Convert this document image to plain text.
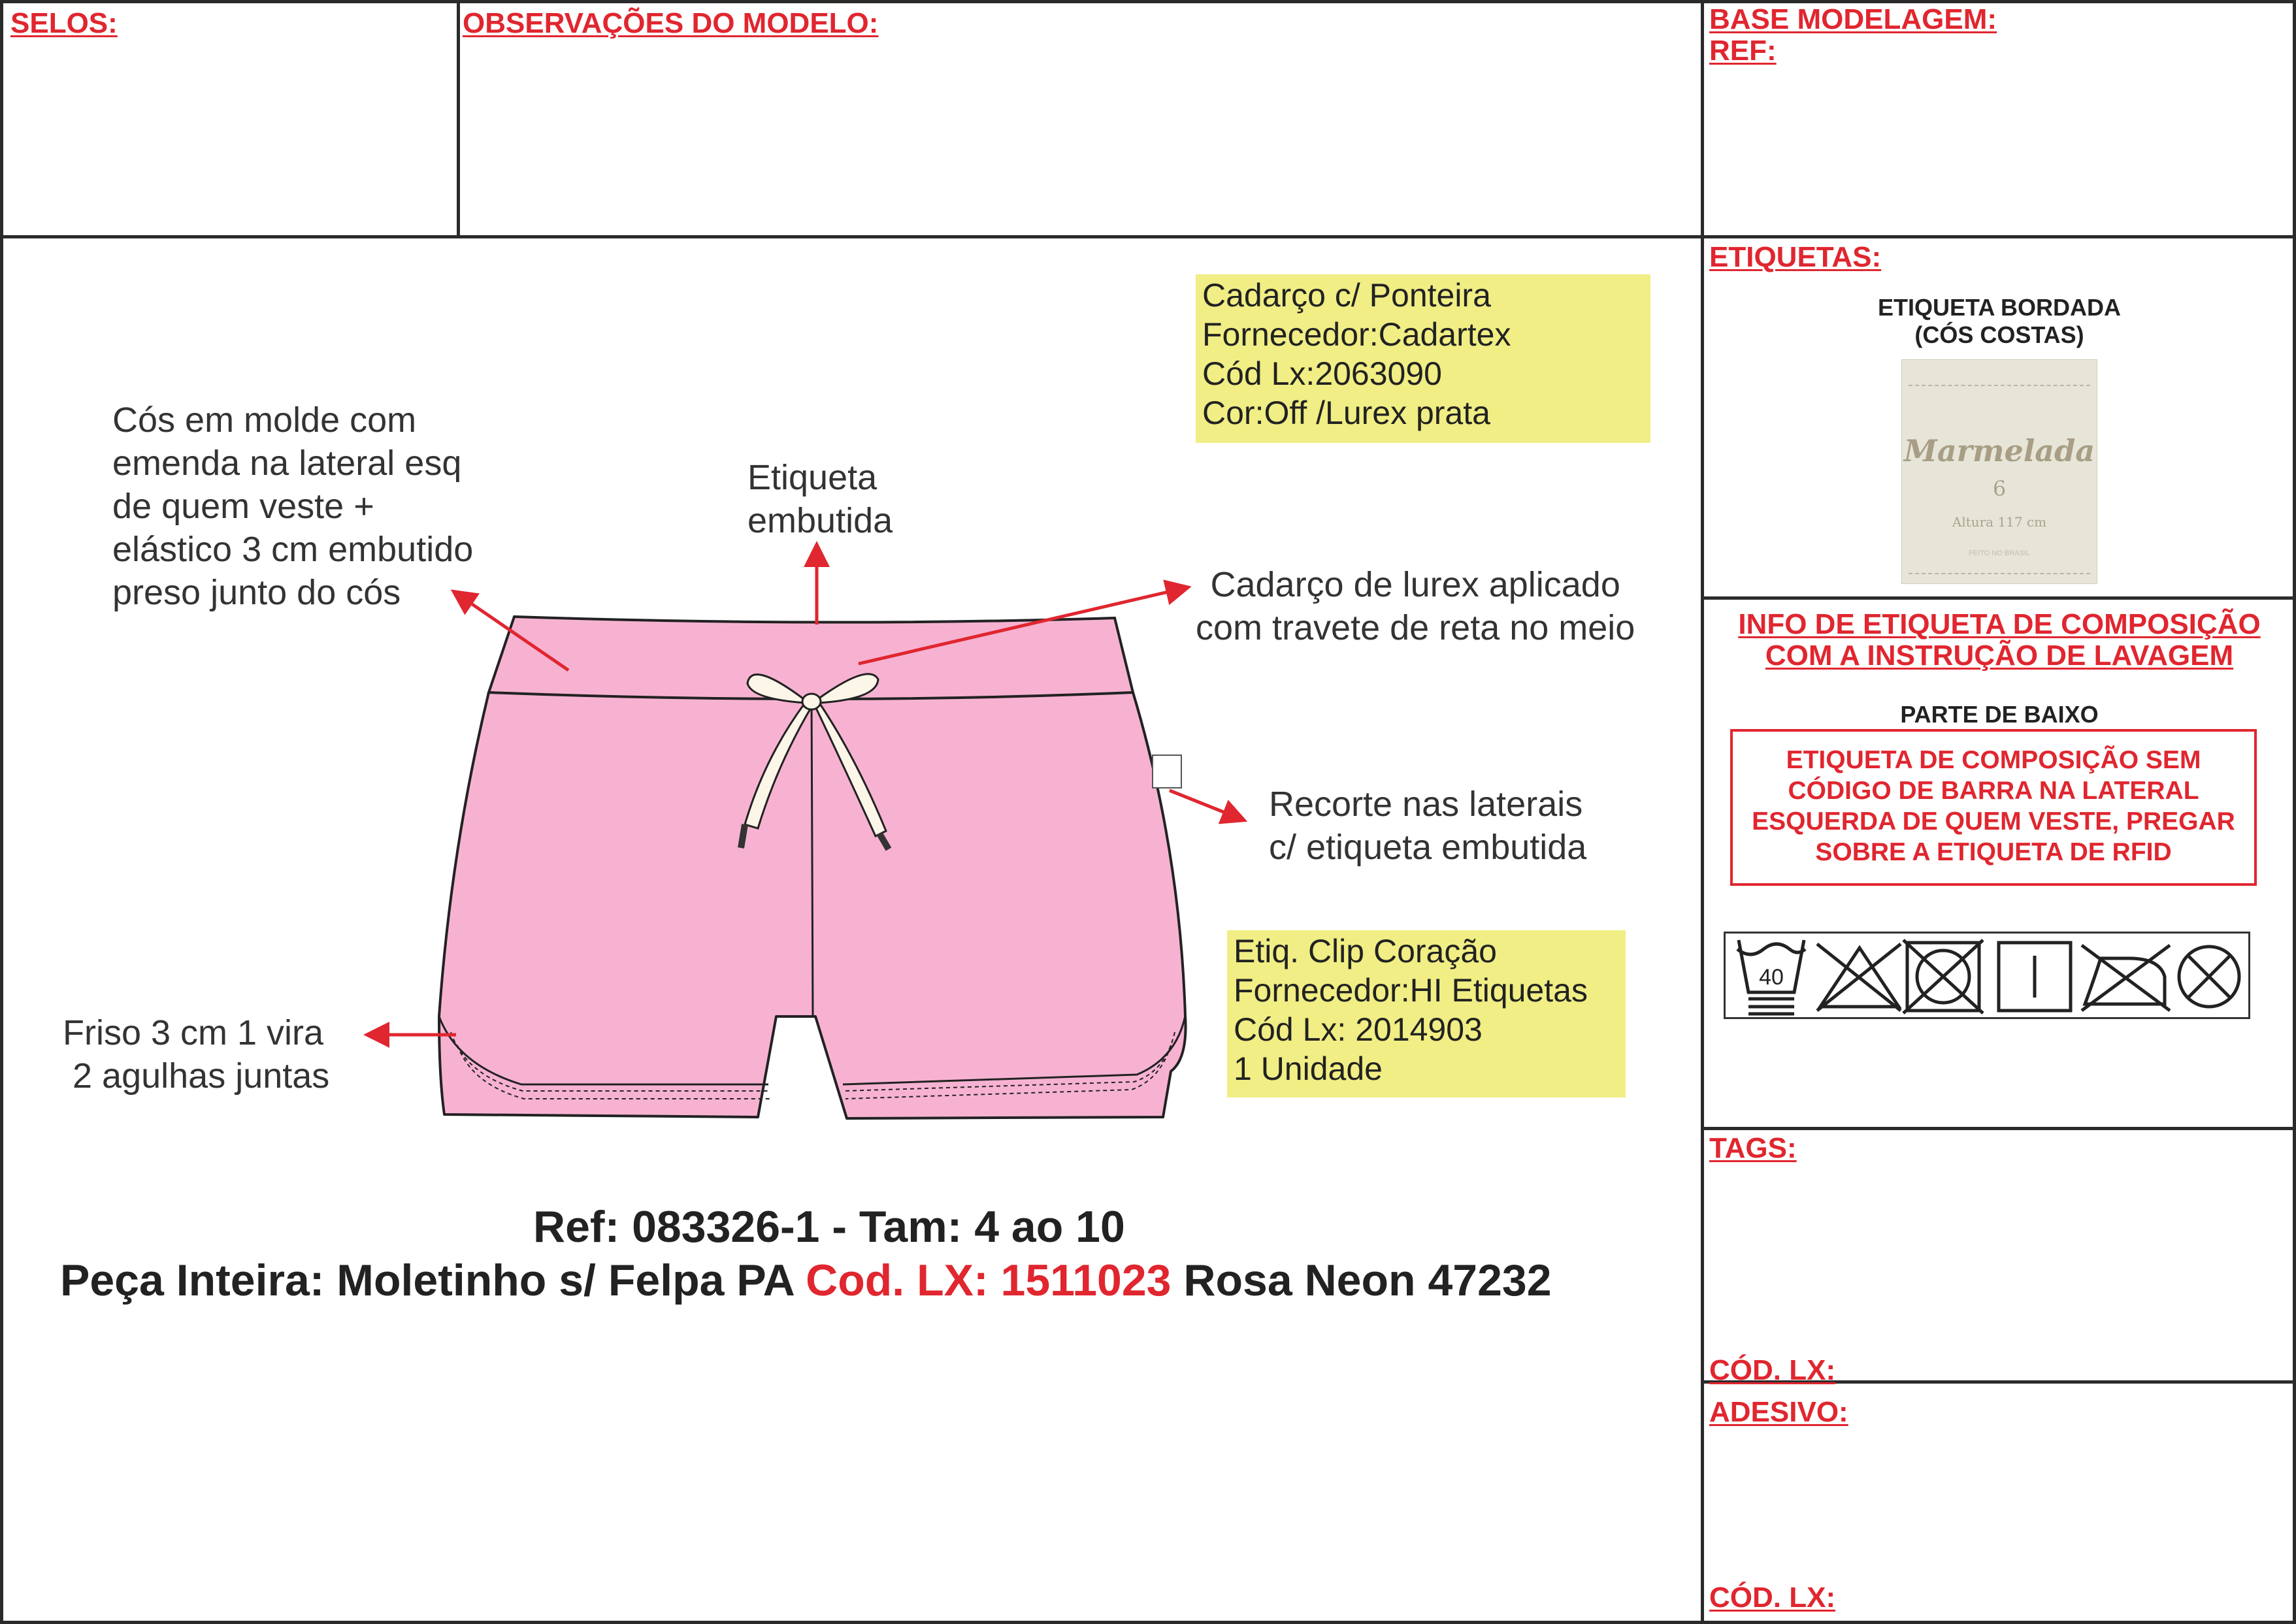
SELOS:	OBSERVAÇÕES DO MODELO:	BASE MODELAGEM:
REF:
ETIQUETAS:
INFO DE ETIQUETA DE COMPOSIÇÃO
COM A INSTRUÇÃO DE LAVAGEM
TAGS:
CÓD. LX:
ADESIVO:
CÓD. LX:
ETIQUETA BORDADA
(CÓS COSTAS)
Marmelada
6
Altura 117 cm
FEITO NO BRASIL
PARTE DE BAIXO
ETIQUETA DE COMPOSIÇÃO SEM
CÓDIGO DE BARRA NA LATERAL
ESQUERDA DE QUEM VESTE, PREGAR
SOBRE A ETIQUETA DE RFID
40
Cadarço c/ Ponteira
Fornecedor:Cadartex
Cód Lx:2063090
Cor:Off /Lurex prata
Etiq. Clip Coração
Fornecedor:HI Etiquetas
Cód Lx: 2014903
1 Unidade
Cós em molde com
emenda na lateral esq
de quem veste +
elástico 3 cm embutido
preso junto do cós
Etiqueta
embutida
Cadarço de lurex aplicado
com travete de reta no meio
Recorte nas laterais
c/ etiqueta embutida
Friso 3 cm 1 vira
2 agulhas juntas
Ref: 083326-1 - Tam: 4 ao 10
Peça Inteira: Moletinho s/ Felpa PA Cod. LX: 1511023 Rosa Neon 47232
